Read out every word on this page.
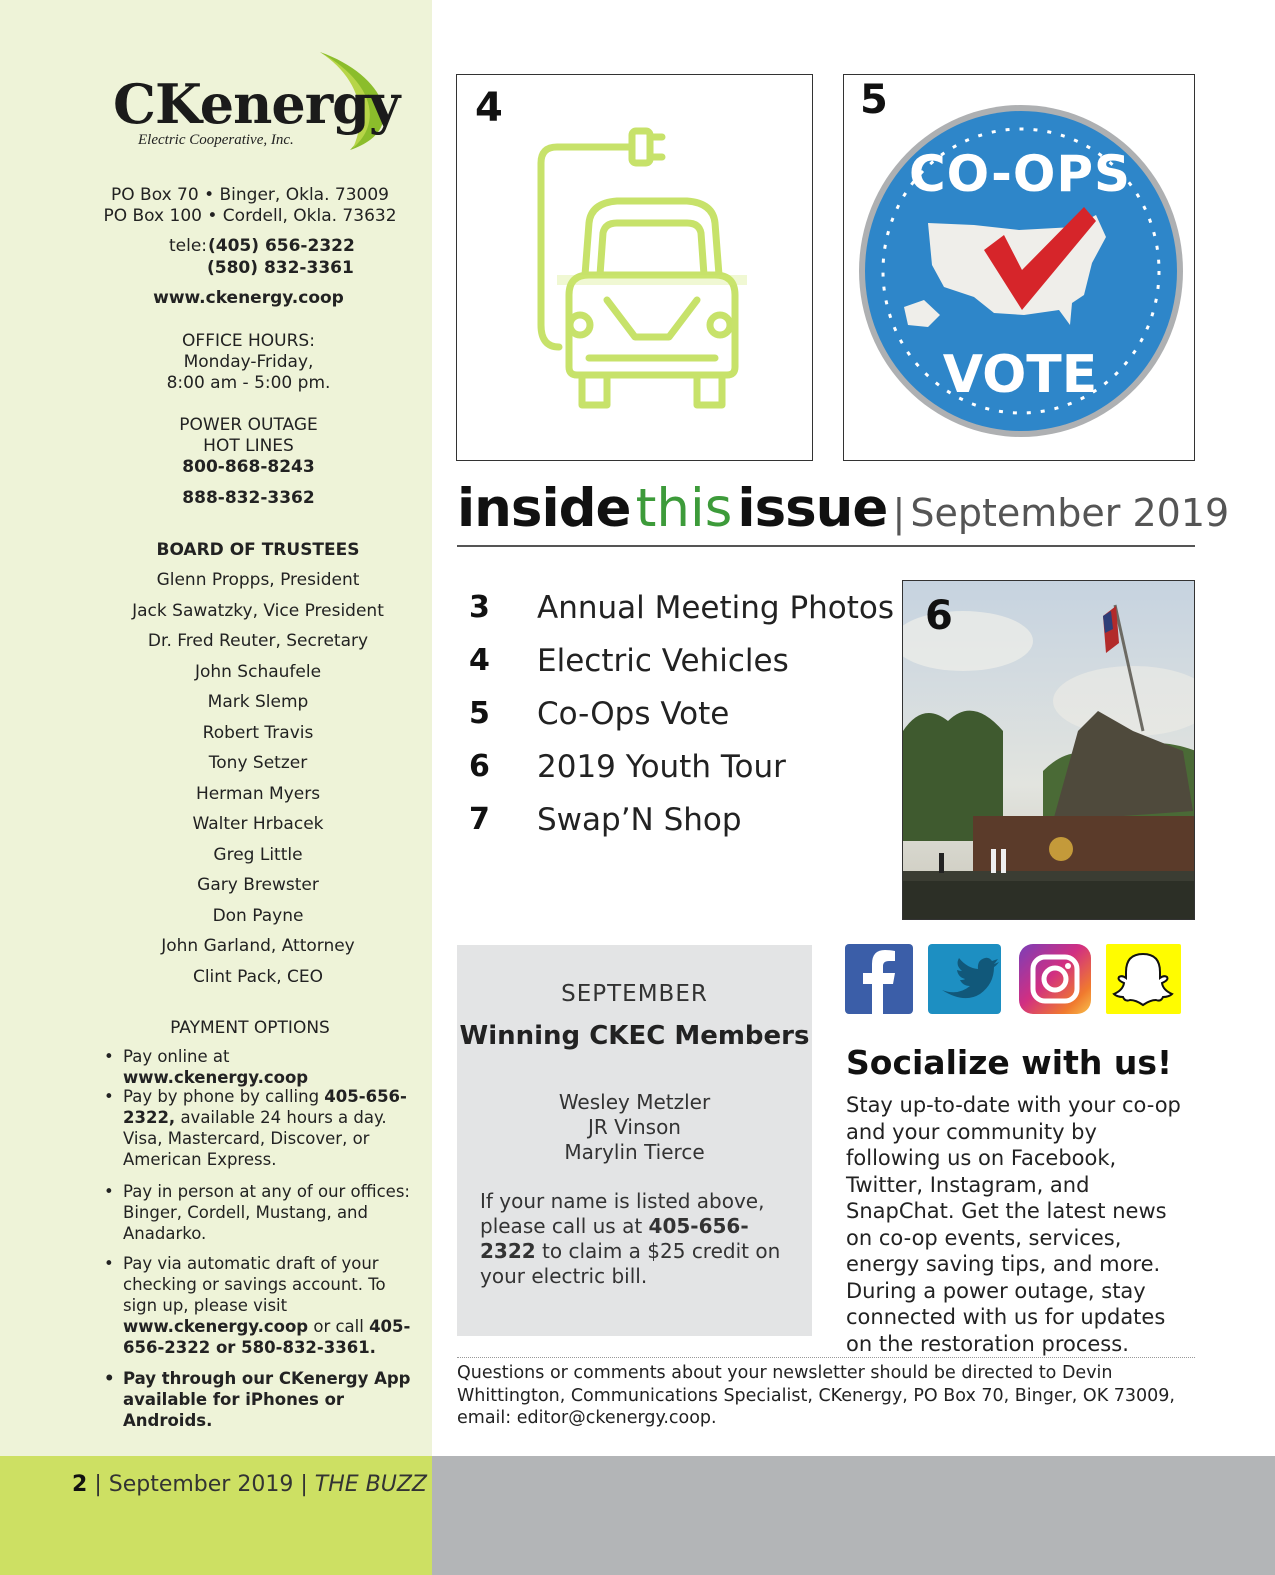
CKenergy
Electric Cooperative, Inc.
PO Box 70 • Binger, Okla. 73009
PO Box 100 • Cordell, Okla. 73632
tele: (405) 656-2322
(580) 832-3361
www.ckenergy.coop
OFFICE HOURS:
Monday-Friday,
8:00 am - 5:00 pm.
POWER OUTAGE
HOT LINES
800-868-8243
888-832-3362
BOARD OF TRUSTEES
Glenn Propps, President
Jack Sawatzky, Vice President
Dr. Fred Reuter, Secretary
John Schaufele
Mark Slemp
Robert Travis
Tony Setzer
Herman Myers
Walter Hrbacek
Greg Little
Gary Brewster
Don Payne
John Garland, Attorney
Clint Pack, CEO
PAYMENT OPTIONS
• Pay online at www.ckenergy.coop
• Pay by phone by calling 405-656-2322, available 24 hours a day. Visa, Mastercard, Discover, or American Express.
• Pay in person at any of our offices: Binger, Cordell, Mustang, and Anadarko.
• Pay via automatic draft of your checking or savings account. To sign up, please visit www.ckenergy.coop or call 405-656-2322 or 580-832-3361.
• Pay through our CKenergy App available for iPhones or Androids.
2 | September 2019 | THE BUZZ
4	5
CO-OPS
VOTE
inside this issue | September 2019
3 Annual Meeting Photos
4 Electric Vehicles
5 Co-Ops Vote
6 2019 Youth Tour
7 Swap’N Shop
6
SEPTEMBER
Winning CKEC Members
Wesley Metzler
JR Vinson
Marylin Tierce
If your name is listed above, please call us at 405-656-2322 to claim a $25 credit on your electric bill.
Socialize with us!
Stay up-to-date with your co-op and your community by following us on Facebook, Twitter, Instagram, and SnapChat. Get the latest news on co-op events, services, energy saving tips, and more. During a power outage, stay connected with us for updates on the restoration process.
Questions or comments about your newsletter should be directed to Devin Whittington, Communications Specialist, CKenergy, PO Box 70, Binger, OK 73009, email: editor@ckenergy.coop.
